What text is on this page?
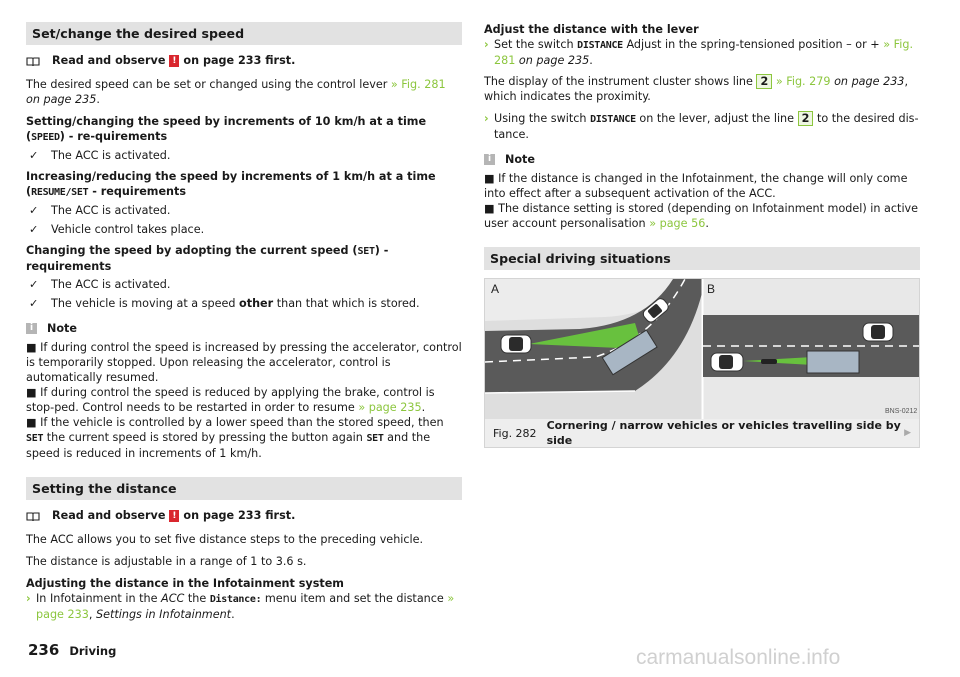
Set/change the desired speed
Read and observe ! on page 233 first.

The desired speed can be set or changed using the control lever » Fig. 281 on page 235.

Setting/changing the speed by increments of 10 km/h at a time (SPEED) - re-quirements

✓	The ACC is activated.

Increasing/reducing the speed by increments of 1 km/h at a time (RESUME/SET - requirements

✓	The ACC is activated.
✓	Vehicle control takes place.

Changing the speed by adopting the current speed (SET) - requirements

✓	The ACC is activated.
✓	The vehicle is moving at a speed other than that which is stored.
i	Note

■ If during control the speed is increased by pressing the accelerator, control is temporarily stopped. Upon releasing the accelerator, control is automatically resumed.

■ If during control the speed is reduced by applying the brake, control is stop-ped. Control needs to be restarted in order to resume » page 235.

■ If the vehicle is controlled by a lower speed than the stored speed, then SET the current speed is stored by pressing the button again SET and the speed is reduced in increments of 1 km/h.

Setting the distance
Read and observe ! on page 233 first.

The ACC allows you to set five distance steps to the preceding vehicle.

The distance is adjustable in a range of 1 to 3.6 s.

Adjusting the distance in the Infotainment system

› In Infotainment in the ACC the Distance: menu item and set the distance » page 233, Settings in Infotainment.

Adjust the distance with the lever

› Set the switch DISTANCE Adjust in the spring-tensioned position – or + » Fig. 281 on page 235.

The display of the instrument cluster shows line 2 » Fig. 279 on page 233, which indicates the proximity.

› Using the switch DISTANCE on the lever, adjust the line 2 to the desired dis-tance.
i	Note

■ If the distance is changed in the Infotainment, the change will only come into effect after a subsequent activation of the ACC.

■ The distance setting is stored (depending on Infotainment model) in active user account personalisation » page 56.

Special driving situations
A	B
BNS-0212
Fig. 282
Cornering / narrow vehicles or vehicles travelling side by side
▶
236 Driving	carmanualsonline.info
